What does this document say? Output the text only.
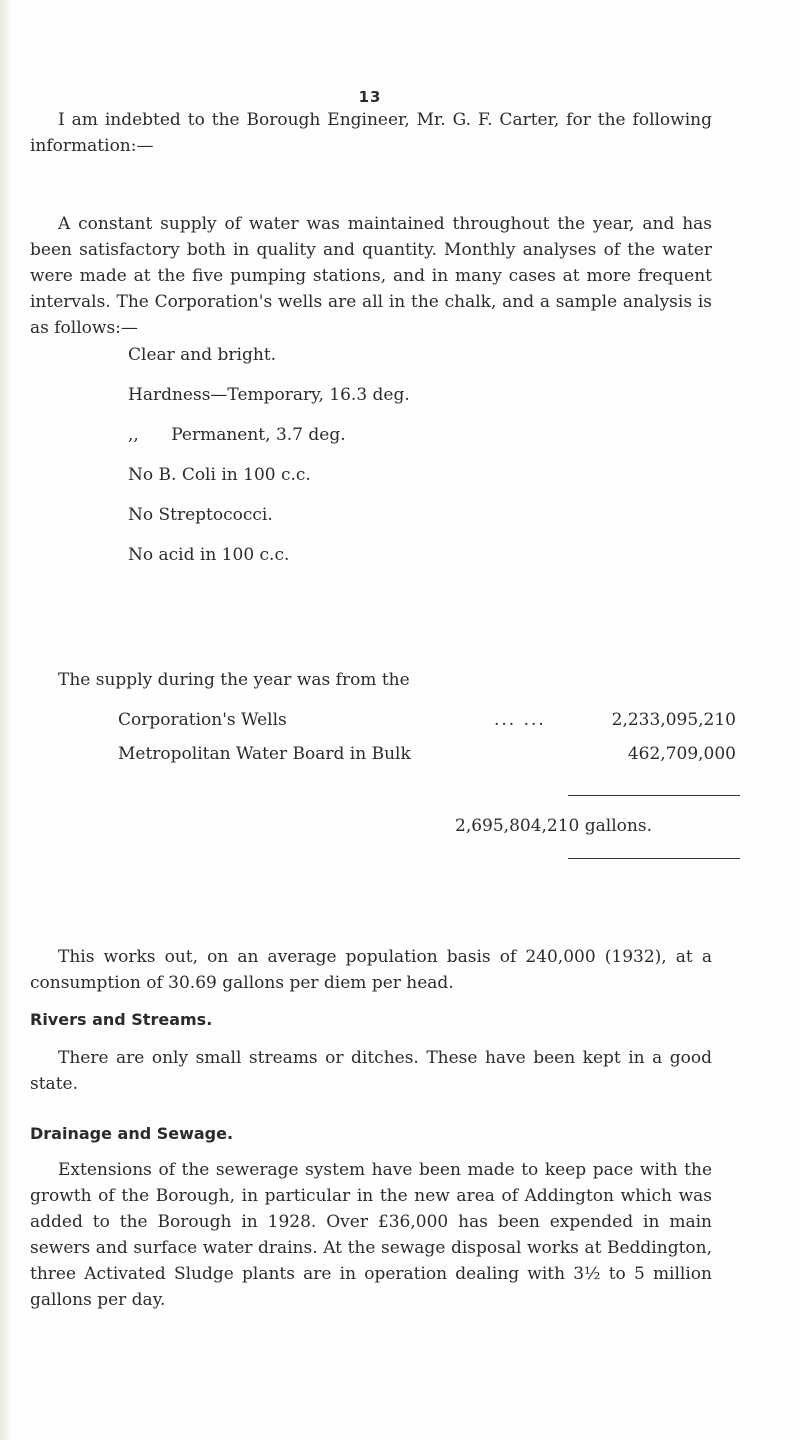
13

I am indebted to the Borough Engineer, Mr. G. F. Carter, for the following information:—

A constant supply of water was maintained throughout the year, and has been satisfactory both in quality and quantity. Monthly analyses of the water were made at the five pumping stations, and in many cases at more frequent intervals. The Corporation's wells are all in the chalk, and a sample analysis is as follows:—

Clear and bright.
Hardness—Temporary, 16.3 deg.
,,      Permanent, 3.7 deg.
No B. Coli in 100 c.c.
No Streptococci.
No acid in 100 c.c.
The supply during the year was from the
Corporation's Wells	... ...	2,233,095,210
Metropolitan Water Board in Bulk	462,709,000
2,695,804,210 gallons.

This works out, on an average population basis of 240,000 (1932), at a consumption of 30.69 gallons per diem per head.

Rivers and Streams.

There are only small streams or ditches. These have been kept in a good state.

Drainage and Sewage.

Extensions of the sewerage system have been made to keep pace with the growth of the Borough, in particular in the new area of Addington which was added to the Borough in 1928. Over £36,000 has been expended in main sewers and surface water drains. At the sewage disposal works at Beddington, three Activated Sludge plants are in operation dealing with 3½ to 5 million gallons per day.
